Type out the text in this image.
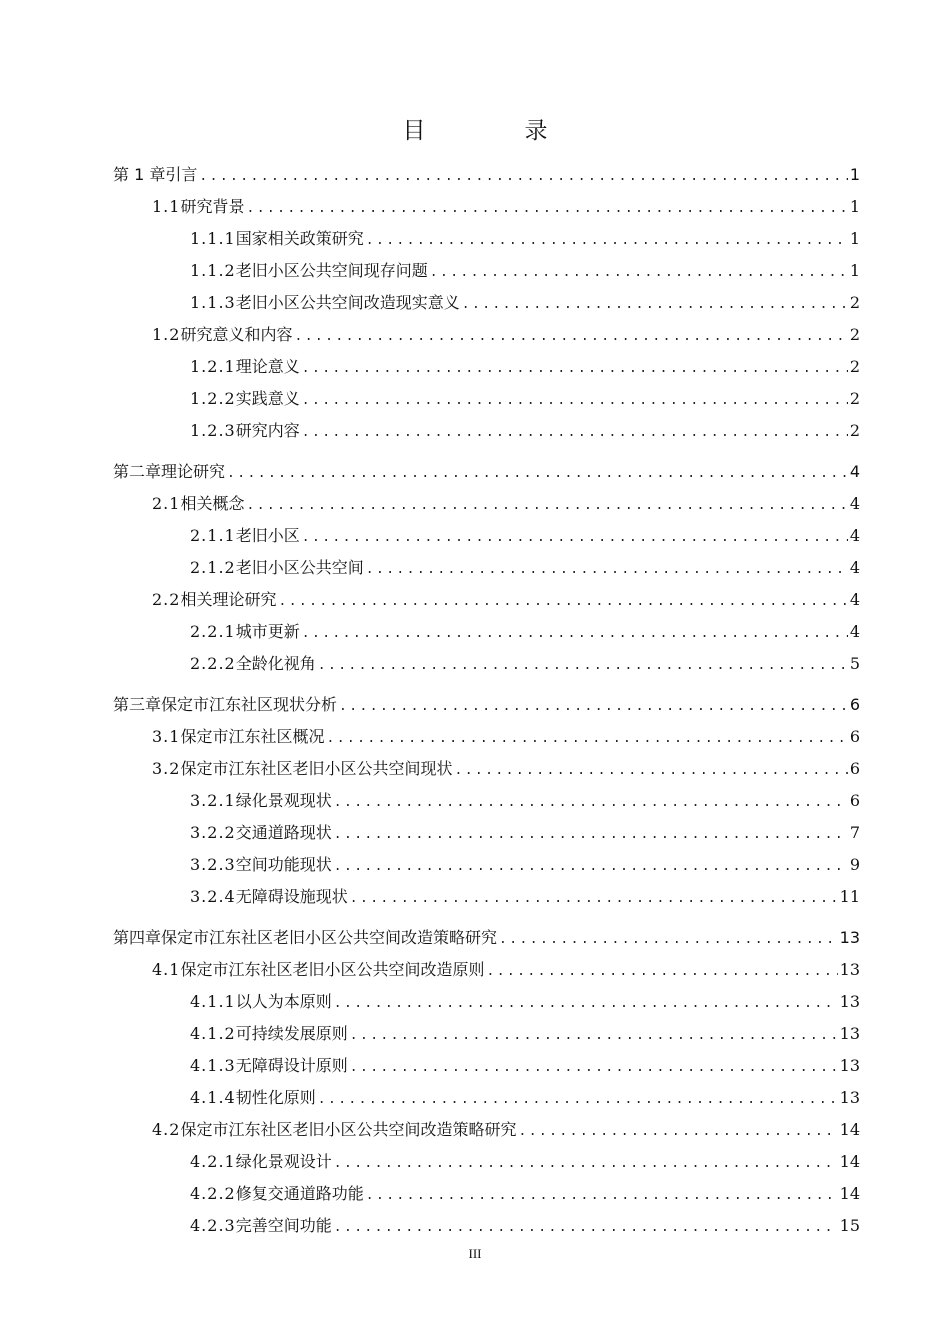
目　录
第 1 章 引言 .....	1
1.1 研究背景 .....	1
1.1.1 国家相关政策研究 .....	1
1.1.2 老旧小区公共空间现存问题 .....	1
1.1.3 老旧小区公共空间改造现实意义 .....	2
1.2 研究意义和内容 .....	2
1.2.1 理论意义 .....	2
1.2.2 实践意义 .....	2
1.2.3 研究内容 .....	2
第二章 理论研究 .....	4
2.1 相关概念 .....	4
2.1.1 老旧小区 .....	4
2.1.2 老旧小区公共空间 .....	4
2.2 相关理论研究 .....	4
2.2.1 城市更新 .....	4
2.2.2 全龄化视角 .....	5
第三章 保定市江东社区现状分析 .....	6
3.1 保定市江东社区概况 .....	6
3.2 保定市江东社区老旧小区公共空间现状 .....	6
3.2.1 绿化景观现状 .....	6
3.2.2 交通道路现状 .....	7
3.2.3 空间功能现状 .....	9
3.2.4 无障碍设施现状 .....	11
第四章 保定市江东社区老旧小区公共空间改造策略研究 .....	13
4.1 保定市江东社区老旧小区公共空间改造原则 .....	13
4.1.1 以人为本原则 .....	13
4.1.2 可持续发展原则 .....	13
4.1.3 无障碍设计原则 .....	13
4.1.4 韧性化原则 .....	13
4.2 保定市江东社区老旧小区公共空间改造策略研究 .....	14
4.2.1 绿化景观设计 .....	14
4.2.2 修复交通道路功能 .....	14
4.2.3 完善空间功能 .....	15
III
